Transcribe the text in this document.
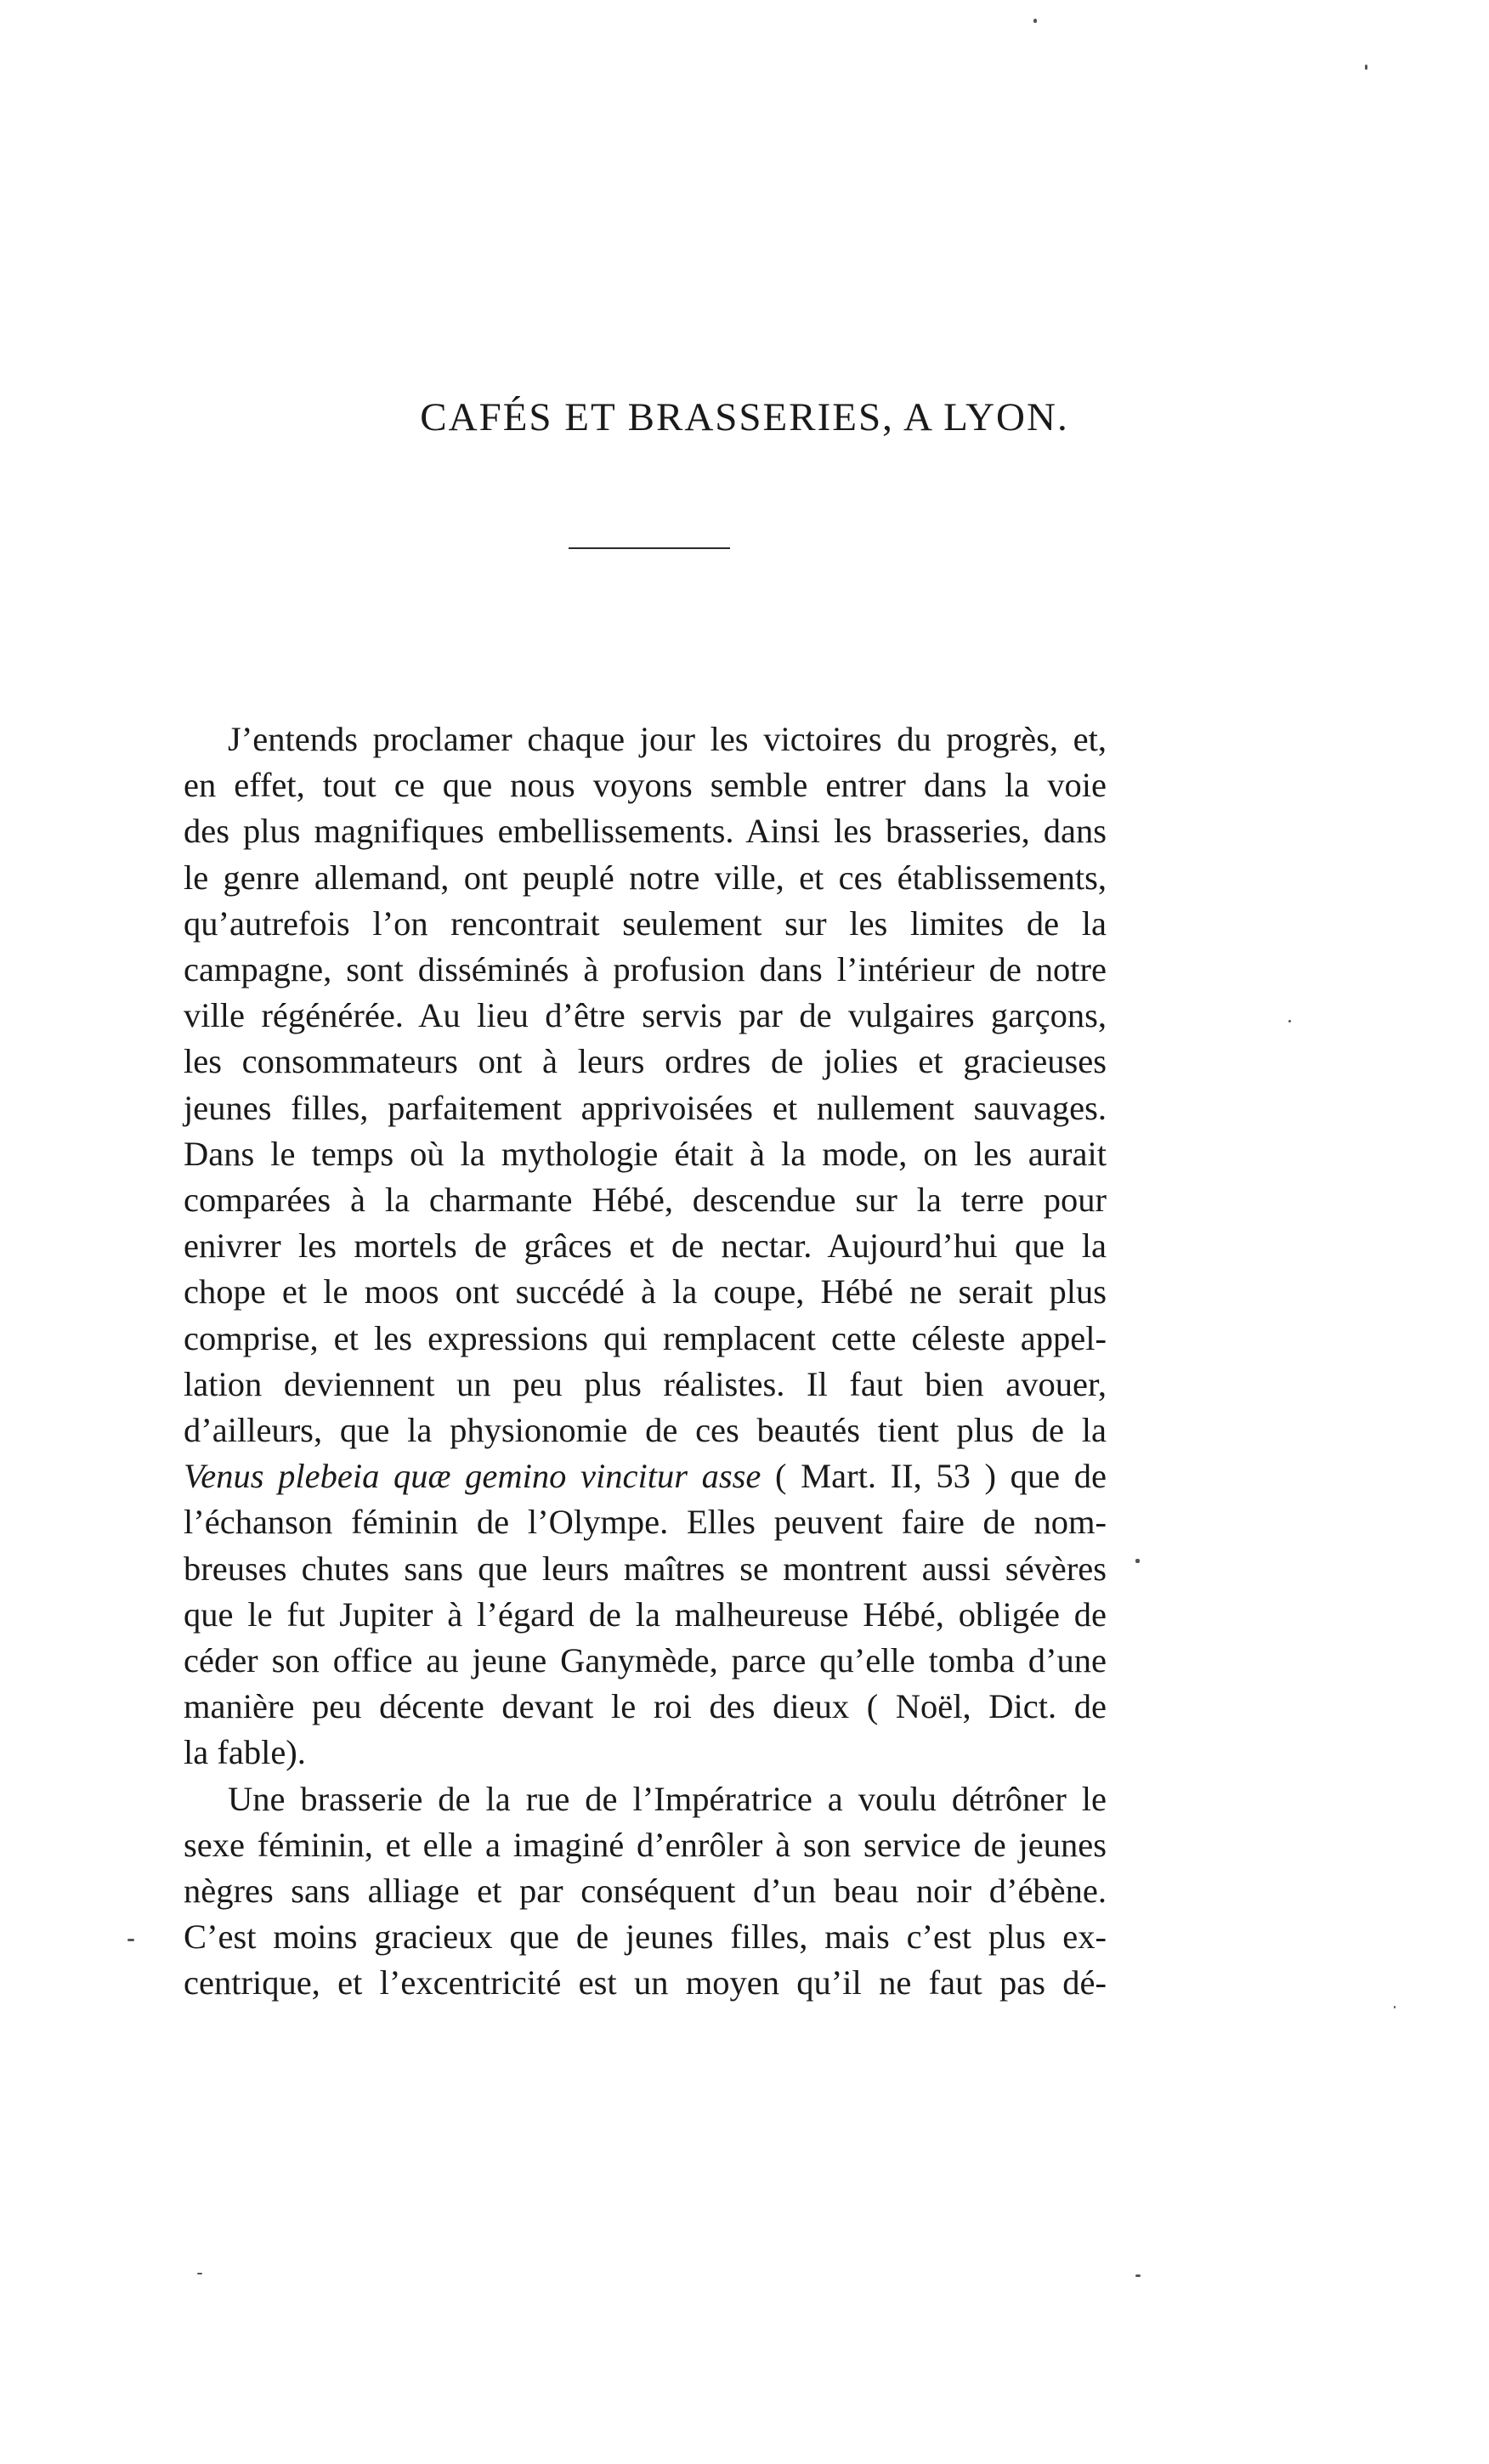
CAFÉS ET BRASSERIES, A LYON.

J’entends proclamer chaque jour les victoires du progrès, et,
en effet, tout ce que nous voyons semble entrer dans la voie
des plus magnifiques embellissements. Ainsi les brasseries, dans
le genre allemand, ont peuplé notre ville, et ces établissements,
qu’autrefois l’on rencontrait seulement sur les limites de la
campagne, sont disséminés à profusion dans l’intérieur de notre
ville régénérée. Au lieu d’être servis par de vulgaires garçons,
les consommateurs ont à leurs ordres de jolies et gracieuses
jeunes filles, parfaitement apprivoisées et nullement sauvages.
Dans le temps où la mythologie était à la mode, on les aurait
comparées à la charmante Hébé, descendue sur la terre pour
enivrer les mortels de grâces et de nectar. Aujourd’hui que la
chope et le moos ont succédé à la coupe, Hébé ne serait plus
comprise, et les expressions qui remplacent cette céleste appel-
lation deviennent un peu plus réalistes. Il faut bien avouer,
d’ailleurs, que la physionomie de ces beautés tient plus de la
Venus plebeia quæ gemino vincitur asse ( Mart. II, 53 ) que de
l’échanson féminin de l’Olympe. Elles peuvent faire de nom-
breuses chutes sans que leurs maîtres se montrent aussi sévères
que le fut Jupiter à l’égard de la malheureuse Hébé, obligée de
céder son office au jeune Ganymède, parce qu’elle tomba d’une
manière peu décente devant le roi des dieux ( Noël, Dict. de
la fable).

Une brasserie de la rue de l’Impératrice a voulu détrôner le
sexe féminin, et elle a imaginé d’enrôler à son service de jeunes
nègres sans alliage et par conséquent d’un beau noir d’ébène.
C’est moins gracieux que de jeunes filles, mais c’est plus ex-
centrique, et l’excentricité est un moyen qu’il ne faut pas dé-
